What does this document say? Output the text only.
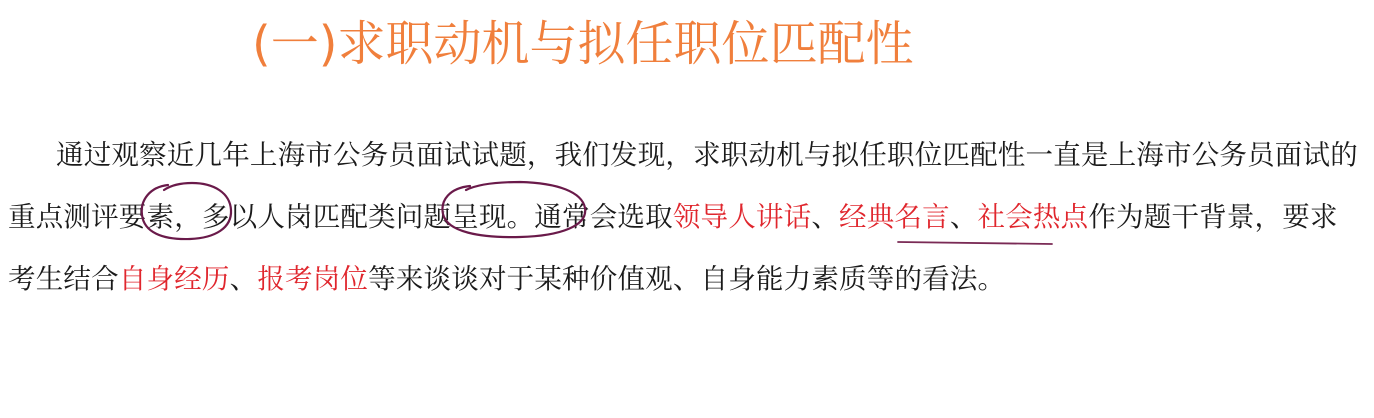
(一)求职动机与拟任职位匹配性

通过观察近几年上海市公务员面试试题，我们发现，求职动机与拟任职位匹配性一直是上海市公务员面试的重点测评要素，多以人岗匹配类问题呈现。通常会选取领导人讲话、经典名言、社会热点作为题干背景，要求考生结合自身经历、报考岗位等来谈谈对于某种价值观、自身能力素质等的看法。
